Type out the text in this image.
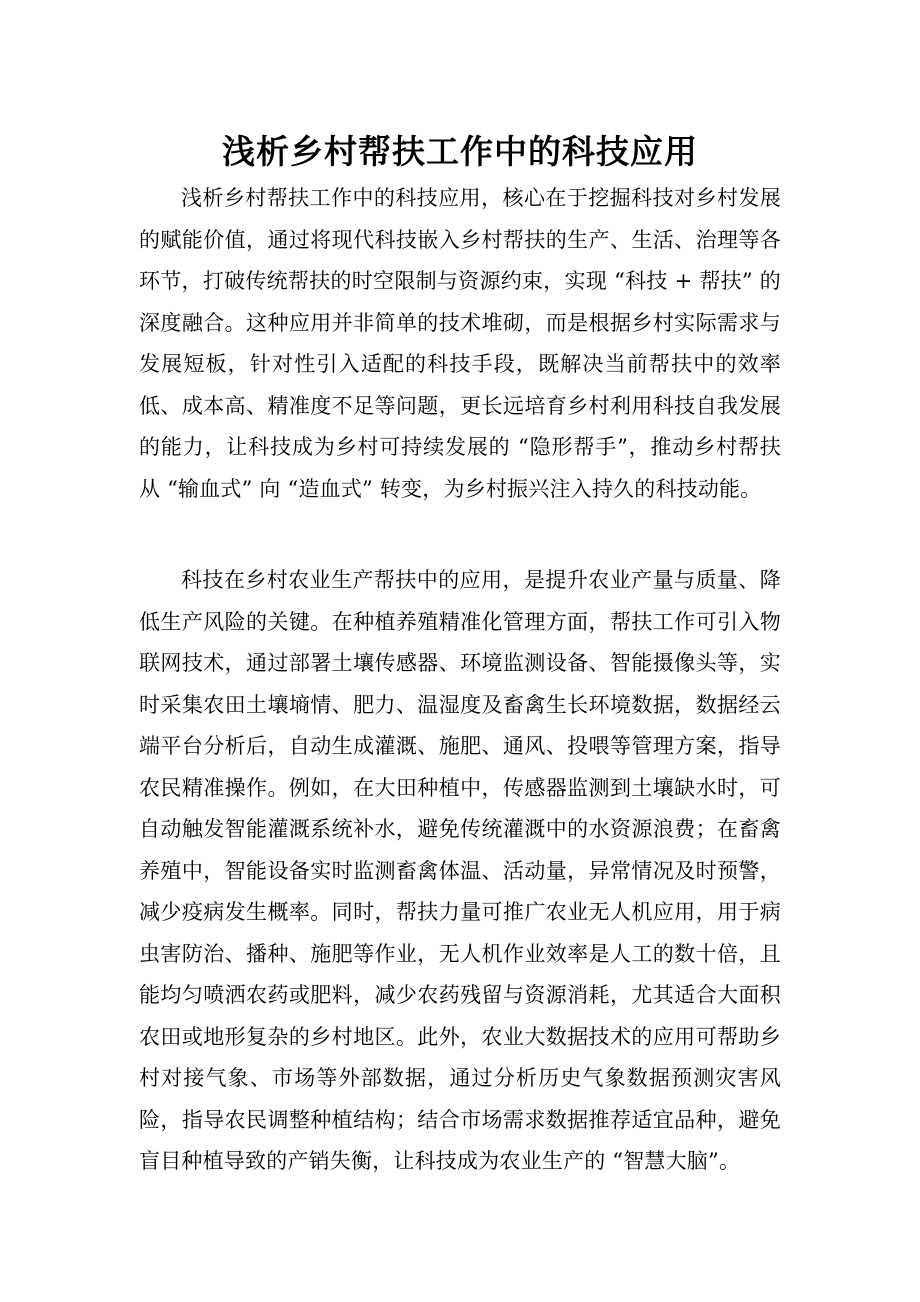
浅析乡村帮扶工作中的科技应用

浅析乡村帮扶工作中的科技应用，核心在于挖掘科技对乡村发展的赋能价值，通过将现代科技嵌入乡村帮扶的生产、生活、治理等各环节，打破传统帮扶的时空限制与资源约束，实现 “科技 + 帮扶” 的深度融合。这种应用并非简单的技术堆砌，而是根据乡村实际需求与发展短板，针对性引入适配的科技手段，既解决当前帮扶中的效率低、成本高、精准度不足等问题，更长远培育乡村利用科技自我发展的能力，让科技成为乡村可持续发展的 “隐形帮手”，推动乡村帮扶从 “输血式” 向 “造血式” 转变，为乡村振兴注入持久的科技动能。

科技在乡村农业生产帮扶中的应用，是提升农业产量与质量、降低生产风险的关键。在种植养殖精准化管理方面，帮扶工作可引入物联网技术，通过部署土壤传感器、环境监测设备、智能摄像头等，实时采集农田土壤墒情、肥力、温湿度及畜禽生长环境数据，数据经云端平台分析后，自动生成灌溉、施肥、通风、投喂等管理方案，指导农民精准操作。例如，在大田种植中，传感器监测到土壤缺水时，可自动触发智能灌溉系统补水，避免传统灌溉中的水资源浪费；在畜禽养殖中，智能设备实时监测畜禽体温、活动量，异常情况及时预警，减少疫病发生概率。同时，帮扶力量可推广农业无人机应用，用于病虫害防治、播种、施肥等作业，无人机作业效率是人工的数十倍，且能均匀喷洒农药或肥料，减少农药残留与资源消耗，尤其适合大面积农田或地形复杂的乡村地区。此外，农业大数据技术的应用可帮助乡村对接气象、市场等外部数据，通过分析历史气象数据预测灾害风险，指导农民调整种植结构；结合市场需求数据推荐适宜品种，避免盲目种植导致的产销失衡，让科技成为农业生产的 “智慧大脑”。
